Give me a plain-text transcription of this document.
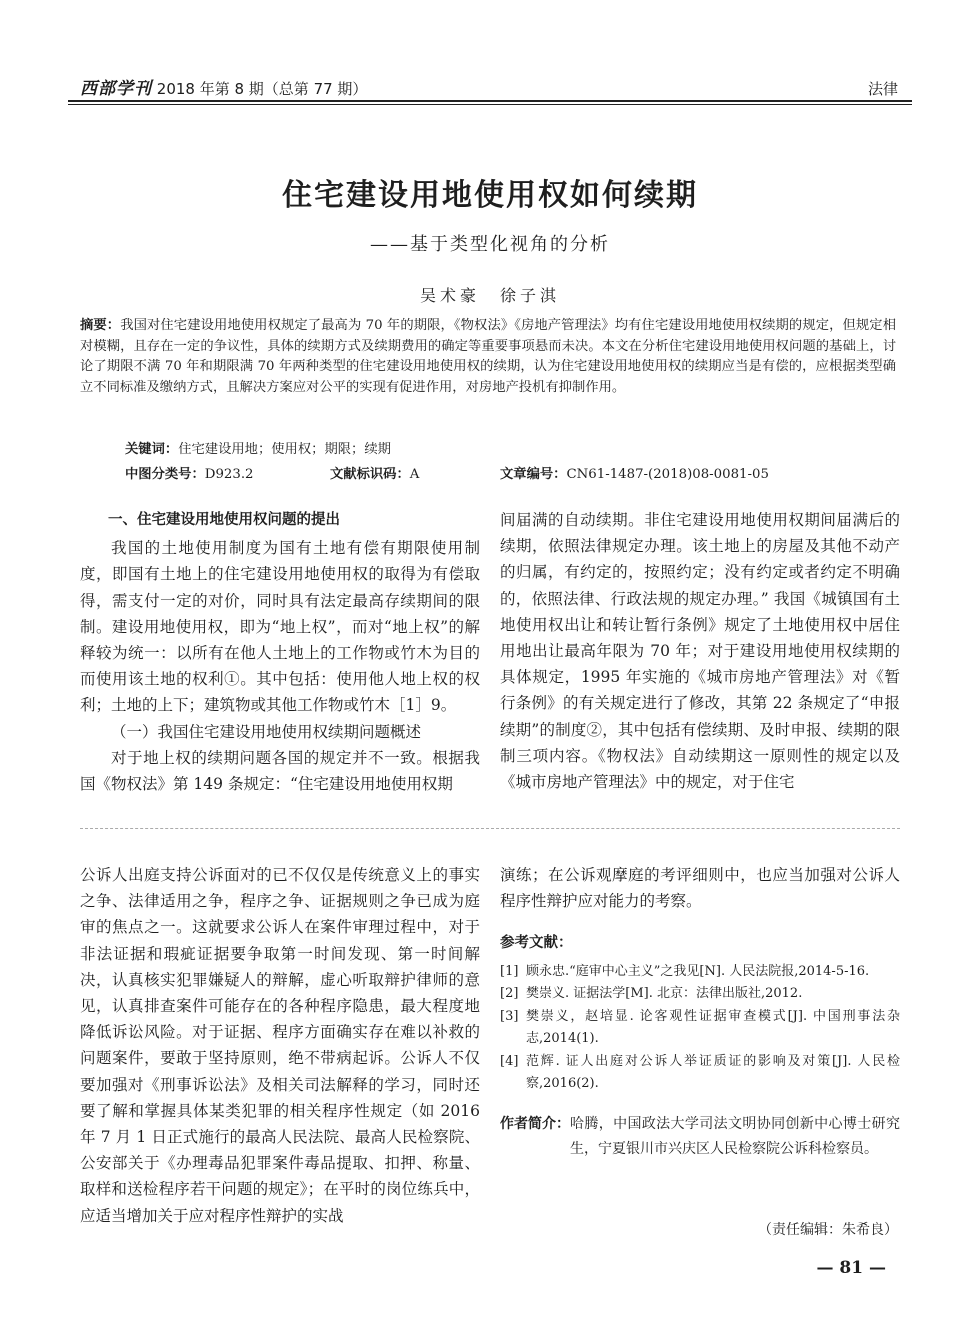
西部学刊 2018 年第 8 期（总第 77 期）	法律
住宅建设用地使用权如何续期
——基于类型化视角的分析
吴术豪　徐子淇
摘要：我国对住宅建设用地使用权规定了最高为 70 年的期限，《物权法》《房地产管理法》均有住宅建设用地使用权续期的规定，但规定相对模糊，且存在一定的争议性，具体的续期方式及续期费用的确定等重要事项悬而未决。本文在分析住宅建设用地使用权问题的基础上，讨论了期限不满 70 年和期限满 70 年两种类型的住宅建设用地使用权的续期，认为住宅建设用地使用权的续期应当是有偿的，应根据类型确立不同标准及缴纳方式，且解决方案应对公平的实现有促进作用，对房地产投机有抑制作用。
关键词：住宅建设用地；使用权；期限；续期
中图分类号：D923.2	文献标识码：A	文章编号：CN61-1487-(2018)08-0081-05

一、住宅建设用地使用权问题的提出

我国的土地使用制度为国有土地有偿有期限使用制度，即国有土地上的住宅建设用地使用权的取得为有偿取得，需支付一定的对价，同时具有法定最高存续期间的限制。建设用地使用权，即为“地上权”，而对“地上权”的解释较为统一：以所有在他人土地上的工作物或竹木为目的而使用该土地的权利①。其中包括：使用他人地上权的权利；土地的上下；建筑物或其他工作物或竹木［1］9。

（一）我国住宅建设用地使用权续期问题概述

对于地上权的续期问题各国的规定并不一致。根据我国《物权法》第 149 条规定：“住宅建设用地使用权期

间届满的自动续期。非住宅建设用地使用权期间届满后的续期，依照法律规定办理。该土地上的房屋及其他不动产的归属，有约定的，按照约定；没有约定或者约定不明确的，依照法律、行政法规的规定办理。” 我国《城镇国有土地使用权出让和转让暂行条例》规定了土地使用权中居住用地出让最高年限为 70 年；对于建设用地使用权续期的具体规定，1995 年实施的《城市房地产管理法》对《暂行条例》的有关规定进行了修改，其第 22 条规定了“申报续期”的制度②，其中包括有偿续期、及时申报、续期的限制三项内容。《物权法》自动续期这一原则性的规定以及《城市房地产管理法》中的规定，对于住宅

公诉人出庭支持公诉面对的已不仅仅是传统意义上的事实之争、法律适用之争，程序之争、证据规则之争已成为庭审的焦点之一。这就要求公诉人在案件审理过程中，对于非法证据和瑕疵证据要争取第一时间发现、第一时间解决，认真核实犯罪嫌疑人的辩解，虚心听取辩护律师的意见，认真排查案件可能存在的各种程序隐患，最大程度地降低诉讼风险。对于证据、程序方面确实存在难以补救的问题案件，要敢于坚持原则，绝不带病起诉。公诉人不仅要加强对《刑事诉讼法》及相关司法解释的学习，同时还要了解和掌握具体某类犯罪的相关程序性规定（如 2016 年 7 月 1 日正式施行的最高人民法院、最高人民检察院、公安部关于《办理毒品犯罪案件毒品提取、扣押、称量、取样和送检程序若干问题的规定》；在平时的岗位练兵中，应适当增加关于应对程序性辩护的实战

演练；在公诉观摩庭的考评细则中，也应当加强对公诉人程序性辩护应对能力的考察。

参考文献：
[1] 顾永忠.“庭审中心主义”之我见[N]. 人民法院报,2014-5-16.
[2] 樊崇义. 证据法学[M]. 北京：法律出版社,2012.
[3] 樊崇义，赵培显. 论客观性证据审查模式[J]. 中国刑事法杂志,2014(1).
[4] 范辉. 证人出庭对公诉人举证质证的影响及对策[J]. 人民检察,2016(2).
作者简介： 哈腾，中国政法大学司法文明协同创新中心博士研究生，宁夏银川市兴庆区人民检察院公诉科检察员。
（责任编辑：朱希良）
— 81 —
